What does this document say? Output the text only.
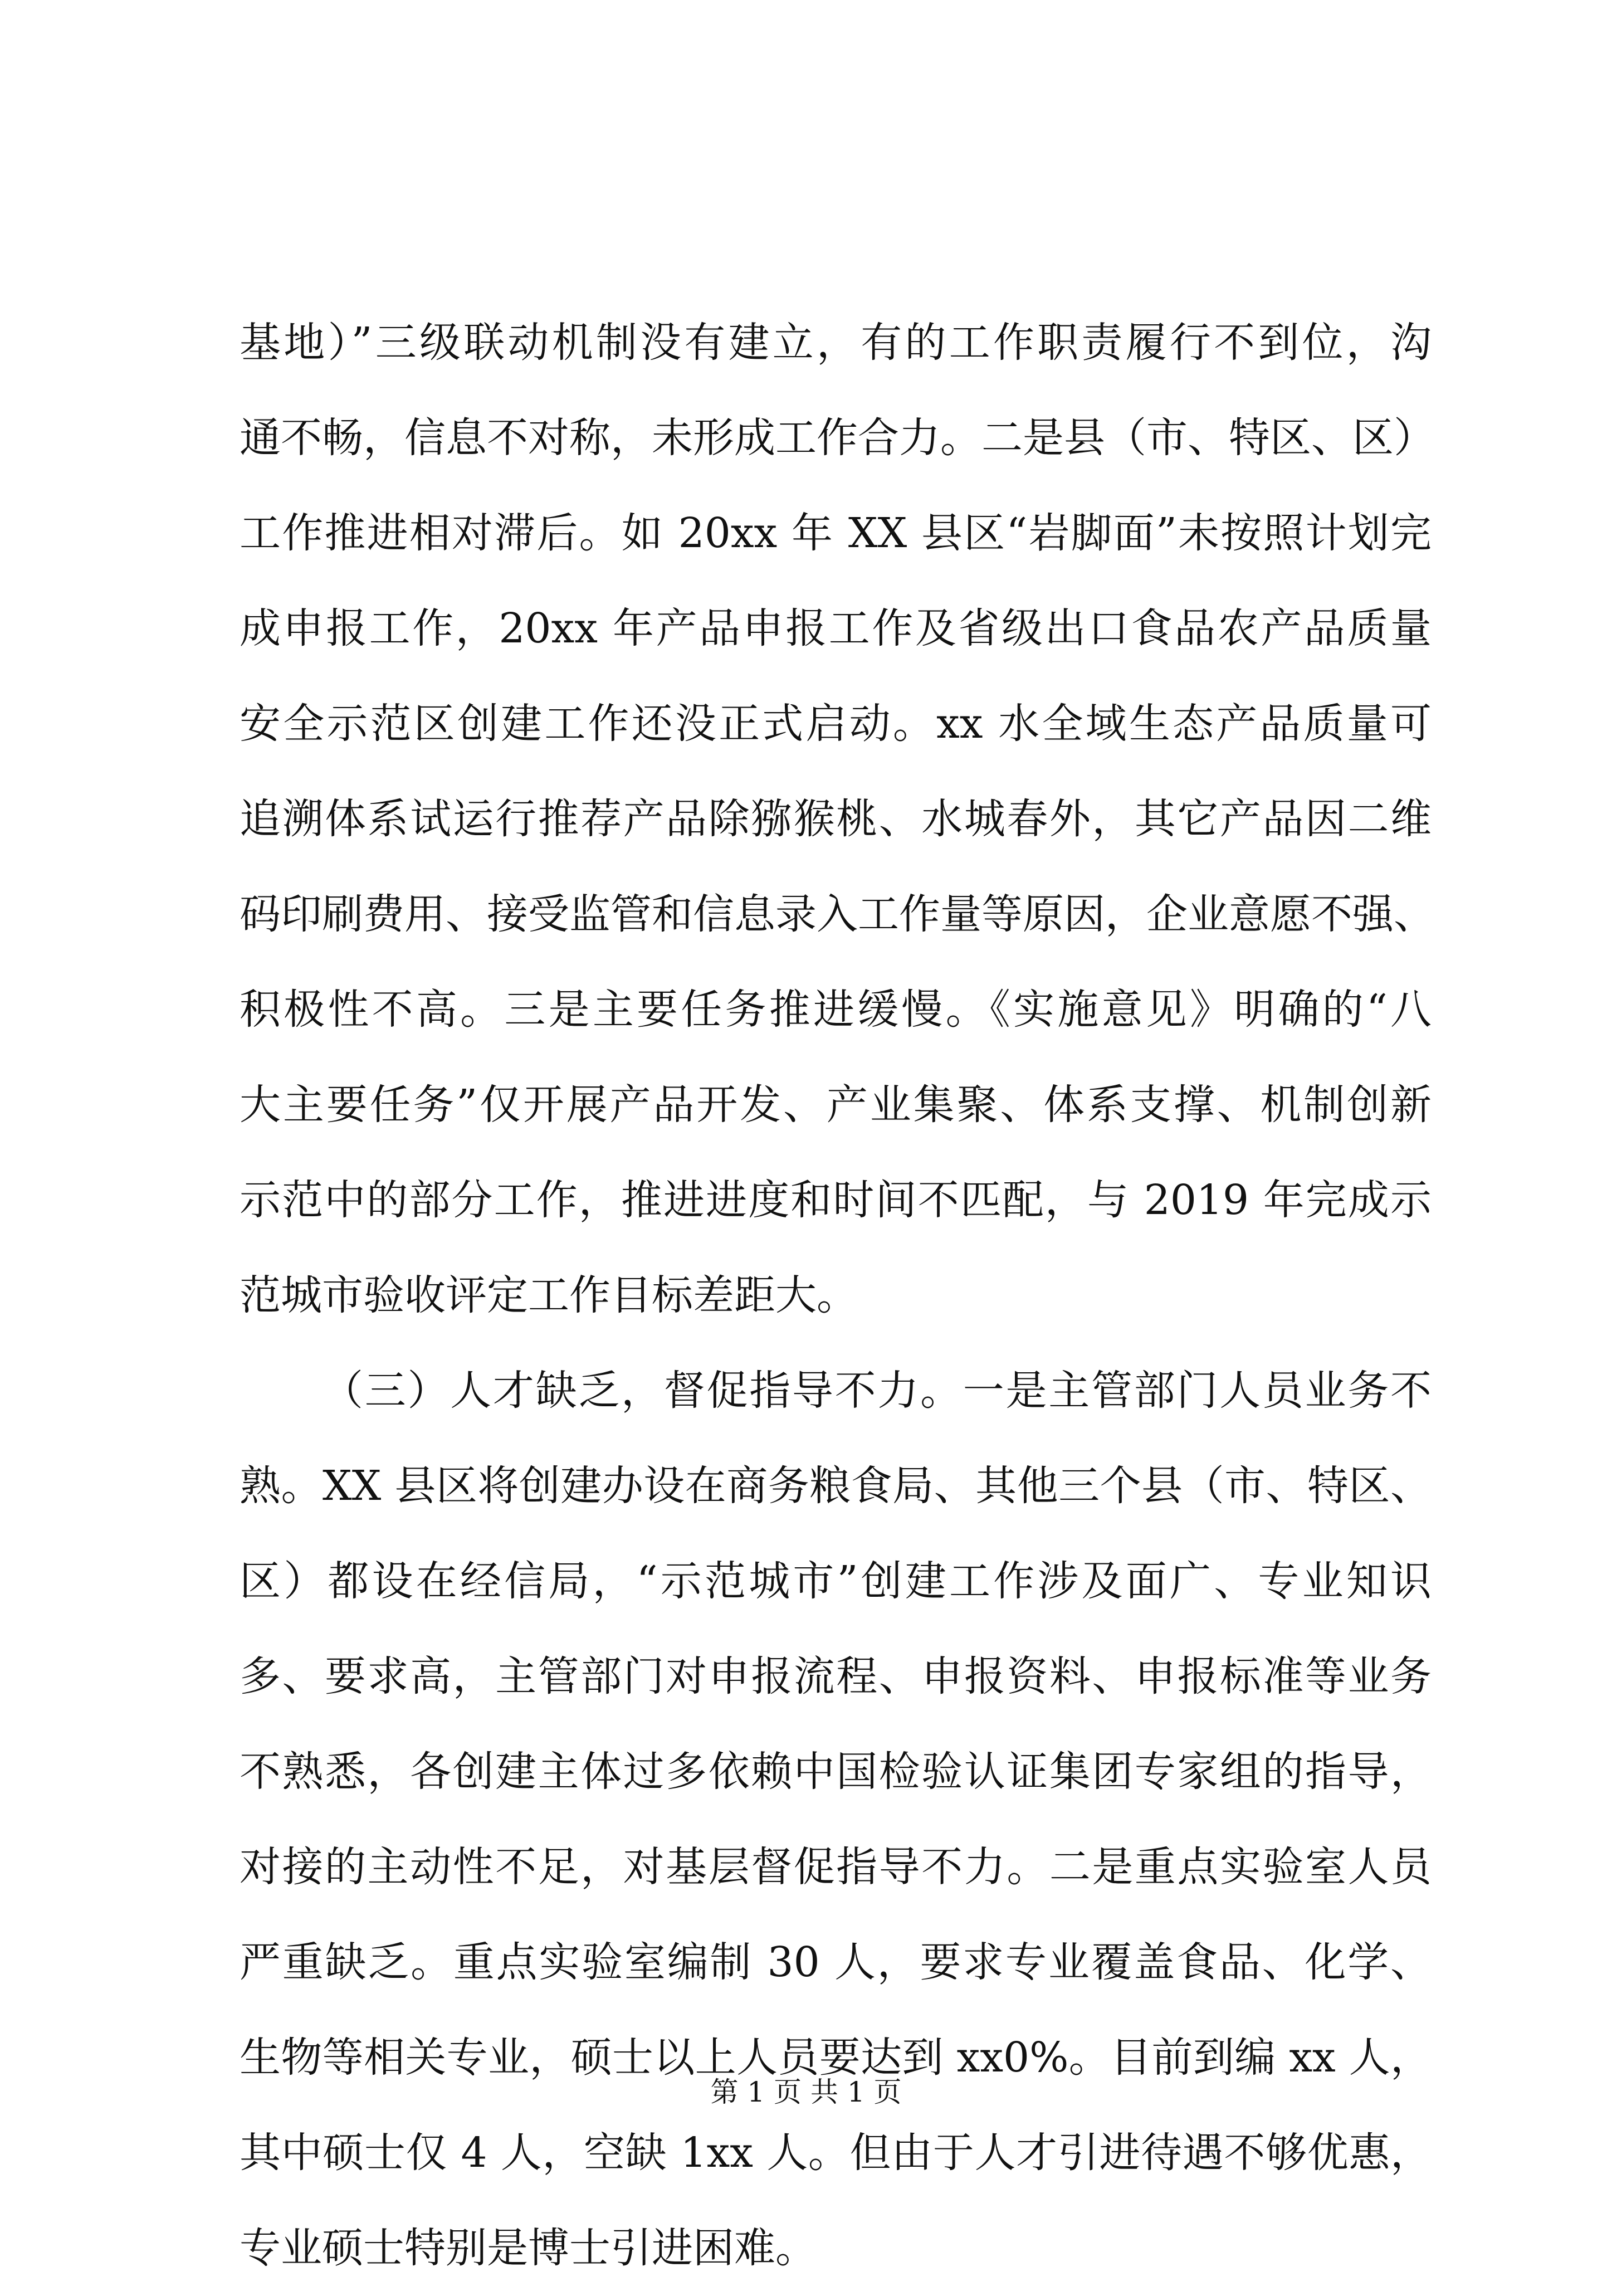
基地）”三级联动机制没有建立，有的工作职责履行不到位，沟
通不畅，信息不对称，未形成工作合力。二是县（市、特区、区）
工作推进相对滞后。如 20xx 年 XX 县区“岩脚面”未按照计划完
成申报工作，20xx 年产品申报工作及省级出口食品农产品质量
安全示范区创建工作还没正式启动。xx 水全域生态产品质量可
追溯体系试运行推荐产品除猕猴桃、水城春外，其它产品因二维
码印刷费用、接受监管和信息录入工作量等原因，企业意愿不强、
积极性不高。三是主要任务推进缓慢。《实施意见》明确的“八
大主要任务”仅开展产品开发、产业集聚、体系支撑、机制创新
示范中的部分工作，推进进度和时间不匹配，与 2019 年完成示
范城市验收评定工作目标差距大。
（三）人才缺乏，督促指导不力。一是主管部门人员业务不
熟。XX 县区将创建办设在商务粮食局、其他三个县（市、特区、
区）都设在经信局，“示范城市”创建工作涉及面广、专业知识
多、要求高，主管部门对申报流程、申报资料、申报标准等业务
不熟悉，各创建主体过多依赖中国检验认证集团专家组的指导，
对接的主动性不足，对基层督促指导不力。二是重点实验室人员
严重缺乏。重点实验室编制 30 人，要求专业覆盖食品、化学、
生物等相关专业，硕士以上人员要达到 xx0%。目前到编 xx 人，
其中硕士仅 4 人，空缺 1xx 人。但由于人才引进待遇不够优惠，
专业硕士特别是博士引进困难。
第 1 页 共 1 页
